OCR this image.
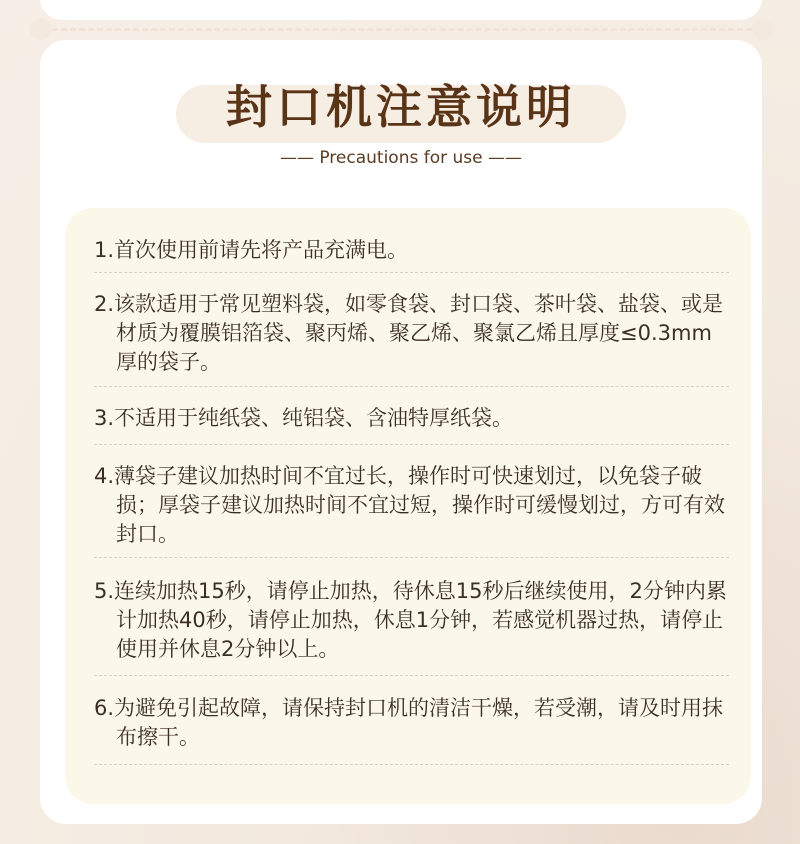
封口机注意说明
—— Precautions for use ——

1.首次使用前请先将产品充满电。

2.该款适用于常见塑料袋，如零食袋、封口袋、茶叶袋、盐袋、或是材质为覆膜铝箔袋、聚丙烯、聚乙烯、聚氯乙烯且厚度≤0.3mm厚的袋子。

3.不适用于纯纸袋、纯铝袋、含油特厚纸袋。

4.薄袋子建议加热时间不宜过长，操作时可快速划过，以免袋子破损；厚袋子建议加热时间不宜过短，操作时可缓慢划过，方可有效封口。

5.连续加热15秒，请停止加热，待休息15秒后继续使用，2分钟内累计加热40秒，请停止加热，休息1分钟，若感觉机器过热，请停止使用并休息2分钟以上。

6.为避免引起故障，请保持封口机的清洁干燥，若受潮，请及时用抹布擦干。
